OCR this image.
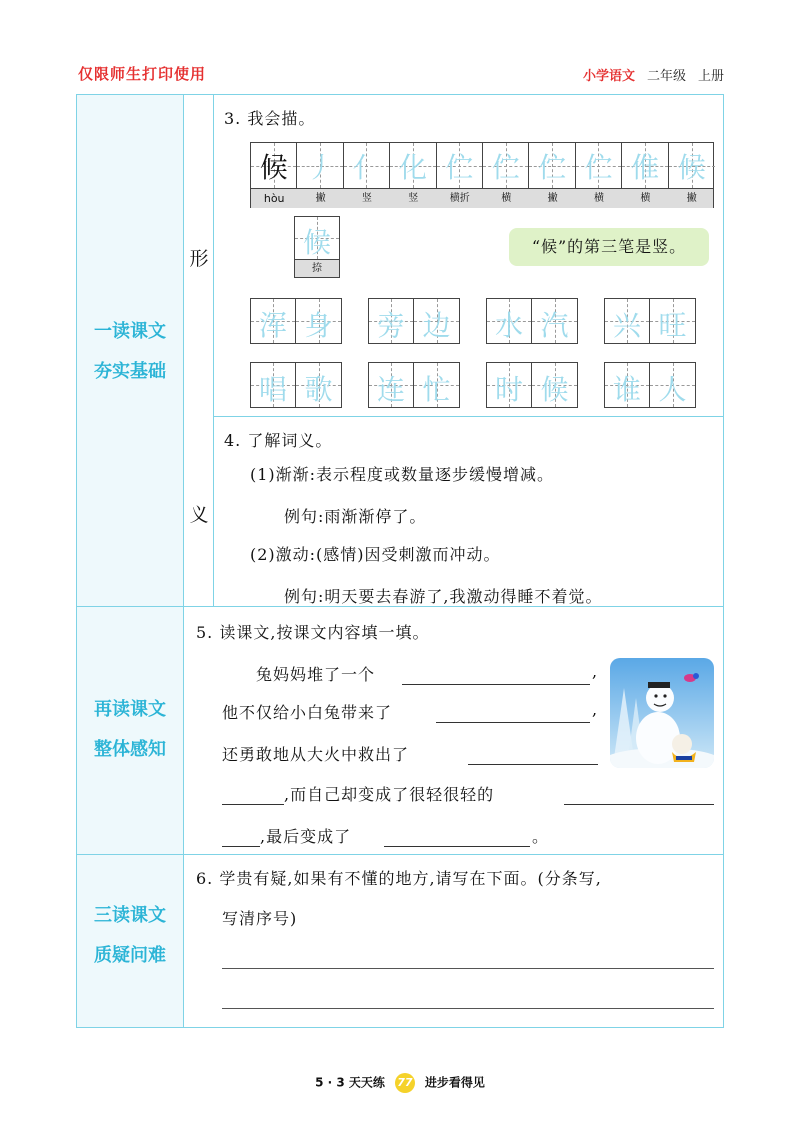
仅限师生打印使用	小学语文 二年级 上册
一读课文
夯实基础
再读课文
整体感知
三读课文
质疑问难
形
义
3. 我会描。
候 丿 亻 化 伫 伫 伫 伫 倠 候
hòu	撇	竖	竖	横折	横	撇	横	横	撇
候
捺
“候”的第三笔是竖。
浑 身	旁 边	水 汽	兴 旺
唱 歌	连 忙	时 候	谁 人
4. 了解词义。
(1)渐渐:表示程度或数量逐步缓慢增减。
例句:雨渐渐停了。
(2)激动:(感情)因受刺激而冲动。
例句:明天要去春游了,我激动得睡不着觉。
5. 读课文,按课文内容填一填。
兔妈妈堆了一个	,
他不仅给小白兔带来了	,
还勇敢地从大火中救出了
,而自己却变成了很轻很轻的
,最后变成了	。
6. 学贵有疑,如果有不懂的地方,请写在下面。(分条写,
写清序号)
5 · 3 天天练 77 进步看得见
